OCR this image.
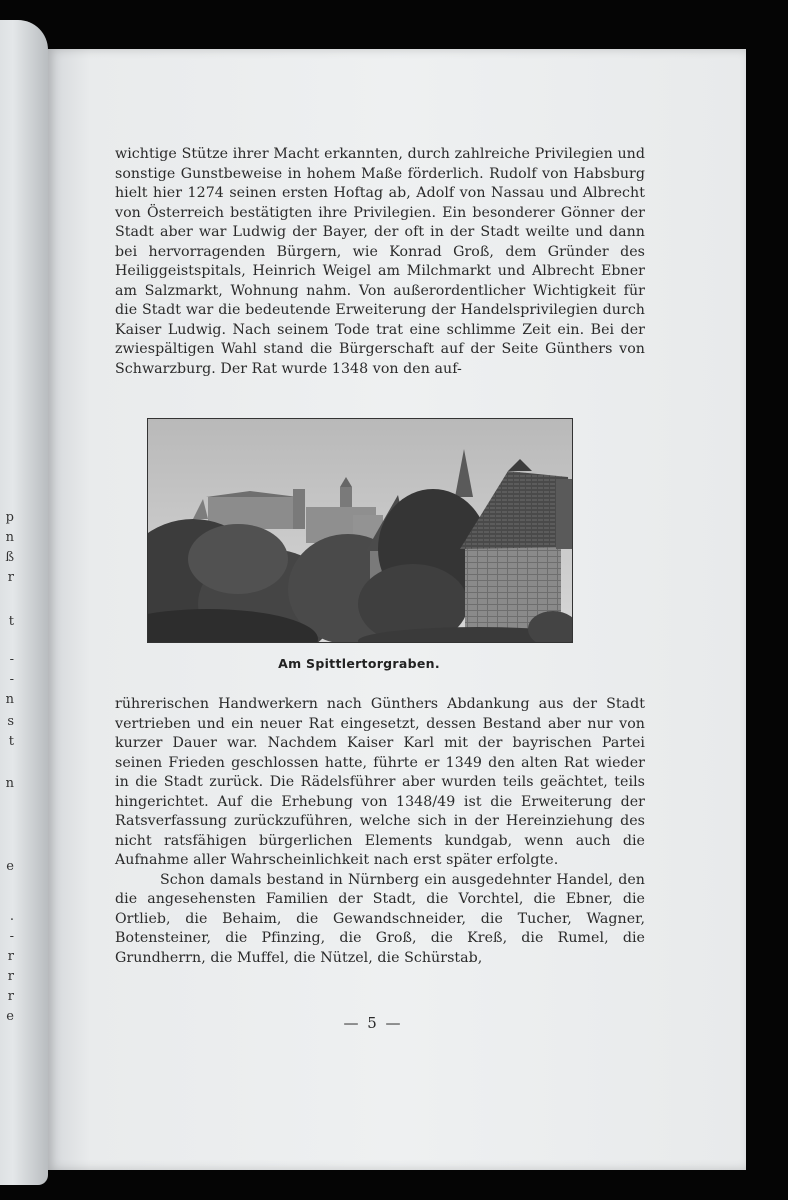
p
n
ß
r
t
-
-
n
s
t
n
e
.
-
r
r
r
e

wichtige Stütze ihrer Macht erkannten, durch zahlreiche Privilegien und sonstige Gunstbeweise in hohem Maße förderlich. Rudolf von Habsburg hielt hier 1274 seinen ersten Hoftag ab, Adolf von Nassau und Albrecht von Österreich bestätigten ihre Privilegien. Ein besonderer Gönner der Stadt aber war Ludwig der Bayer, der oft in der Stadt weilte und dann bei hervorragenden Bürgern, wie Konrad Groß, dem Gründer des Heiliggeistspitals, Heinrich Weigel am Milchmarkt und Albrecht Ebner am Salzmarkt, Wohnung nahm. Von außerordentlicher Wichtigkeit für die Stadt war die bedeutende Erweiterung der Handelsprivilegien durch Kaiser Ludwig. Nach seinem Tode trat eine schlimme Zeit ein. Bei der zwiespältigen Wahl stand die Bürgerschaft auf der Seite Günthers von Schwarzburg. Der Rat wurde 1348 von den auf-

Am Spittlertorgraben.

rührerischen Handwerkern nach Günthers Abdankung aus der Stadt vertrieben und ein neuer Rat eingesetzt, dessen Bestand aber nur von kurzer Dauer war. Nachdem Kaiser Karl mit der bayrischen Partei seinen Frieden geschlossen hatte, führte er 1349 den alten Rat wieder in die Stadt zurück. Die Rädelsführer aber wurden teils geächtet, teils hingerichtet. Auf die Erhebung von 1348/49 ist die Erweiterung der Ratsverfassung zurückzuführen, welche sich in der Hereinziehung des nicht ratsfähigen bürgerlichen Elements kundgab, wenn auch die Aufnahme aller Wahrscheinlichkeit nach erst später erfolgte.

Schon damals bestand in Nürnberg ein ausgedehnter Handel, den die angesehensten Familien der Stadt, die Vorchtel, die Ebner, die Ortlieb, die Behaim, die Gewandschneider, die Tucher, Wagner, Botensteiner, die Pfinzing, die Groß, die Kreß, die Rumel, die Grundherrn, die Muffel, die Nützel, die Schürstab,

— 5 —
